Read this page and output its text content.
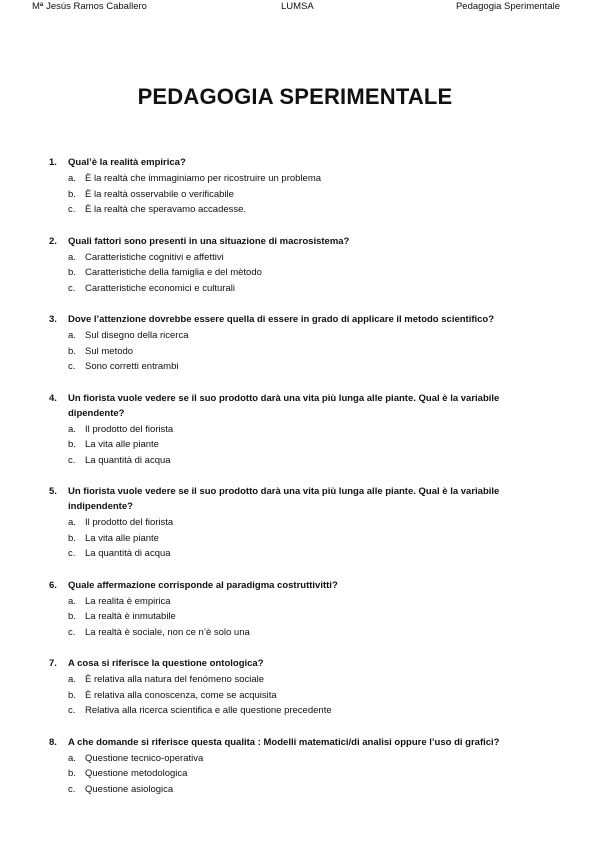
Mª Jesús Ramos Caballero	LUMSA	Pedagogia Sperimentale
PEDAGOGIA SPERIMENTALE
1. Qual’è la realità empirica?
a. È la realtà che immaginiamo per ricostruire un problema
b. È la realtà osservabile o verificabile
c. È la realtà che speravamo accadesse.
2. Quali fattori sono presenti in una situazione di macrosistema?
a. Caratteristiche cognitivi e affettivi
b. Caratteristiche della famiglia e del mètodo
c. Caratteristiche economici e culturali
3. Dove l’attenzione dovrebbe essere quella di essere in grado di applicare il metodo scientifico?
a. Sul disegno della ricerca
b. Sul metodo
c. Sono corretti entrambi
4. Un fiorista vuole vedere se il suo prodotto darà una vita più lunga alle piante. Qual è la variabile dipendente?
a. Il prodotto del fiorista
b. La vita alle piante
c. La quantità di acqua
5. Un fiorista vuole vedere se il suo prodotto darà una vita più lunga alle piante. Qual è la variabile indipendente?
a. Il prodotto del fiorista
b. La vita alle piante
c. La quantità di acqua
6. Quale affermazione corrisponde al paradigma costruttivitti?
a. La realita è empirica
b. La realtà è inmutabile
c. La realtà è sociale, non ce n’è solo una
7. A cosa si riferisce la questione ontologica?
a. È relativa alla natura del fenómeno sociale
b. È relativa alla conoscenza, come se acquisita
c. Relativa alla ricerca scientifica e alle questione precedente
8. A che domande si riferisce questa qualita : Modelli matematici/di analisi oppure l’uso di grafici?
a. Questione tecnico-operativa
b. Questione metodologica
c. Questione asiologica
